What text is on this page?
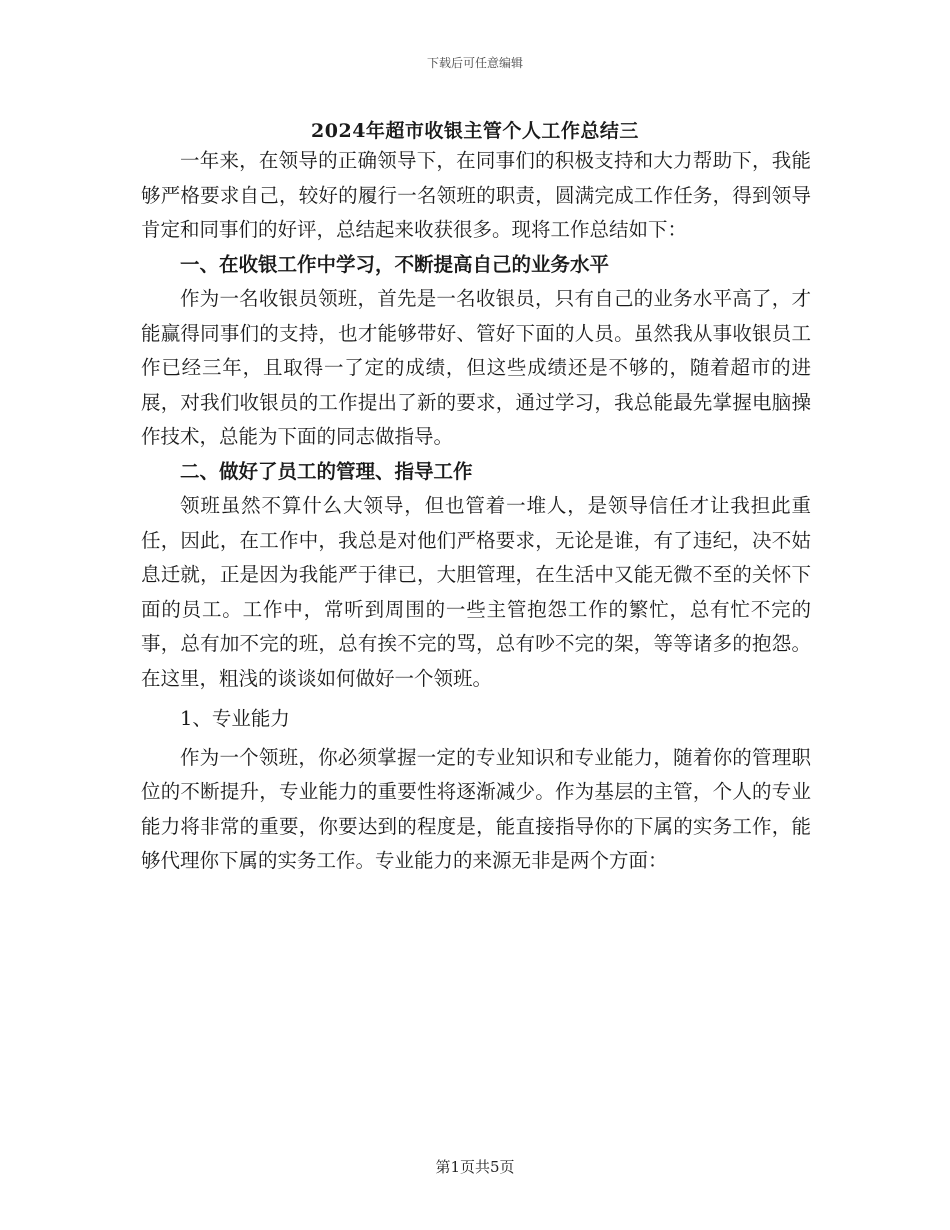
下载后可任意编辑
2024年超市收银主管个人工作总结三

一年来，在领导的正确领导下，在同事们的积极支持和大力帮助下，我能够严格要求自己，较好的履行一名领班的职责，圆满完成工作任务，得到领导肯定和同事们的好评，总结起来收获很多。现将工作总结如下：

一、在收银工作中学习，不断提高自己的业务水平

作为一名收银员领班，首先是一名收银员，只有自己的业务水平高了，才能赢得同事们的支持，也才能够带好、管好下面的人员。虽然我从事收银员工作已经三年，且取得一了定的成绩，但这些成绩还是不够的，随着超市的进展，对我们收银员的工作提出了新的要求，通过学习，我总能最先掌握电脑操作技术，总能为下面的同志做指导。

二、做好了员工的管理、指导工作

领班虽然不算什么大领导，但也管着一堆人，是领导信任才让我担此重任，因此，在工作中，我总是对他们严格要求，无论是谁，有了违纪，决不姑息迁就，正是因为我能严于律已，大胆管理，在生活中又能无微不至的关怀下面的员工。工作中，常听到周围的一些主管抱怨工作的繁忙，总有忙不完的事，总有加不完的班，总有挨不完的骂，总有吵不完的架，等等诸多的抱怨。在这里，粗浅的谈谈如何做好一个领班。

1、专业能力

作为一个领班，你必须掌握一定的专业知识和专业能力，随着你的管理职位的不断提升，专业能力的重要性将逐渐减少。作为基层的主管，个人的专业能力将非常的重要，你要达到的程度是，能直接指导你的下属的实务工作，能够代理你下属的实务工作。专业能力的来源无非是两个方面：

第1页共5页
